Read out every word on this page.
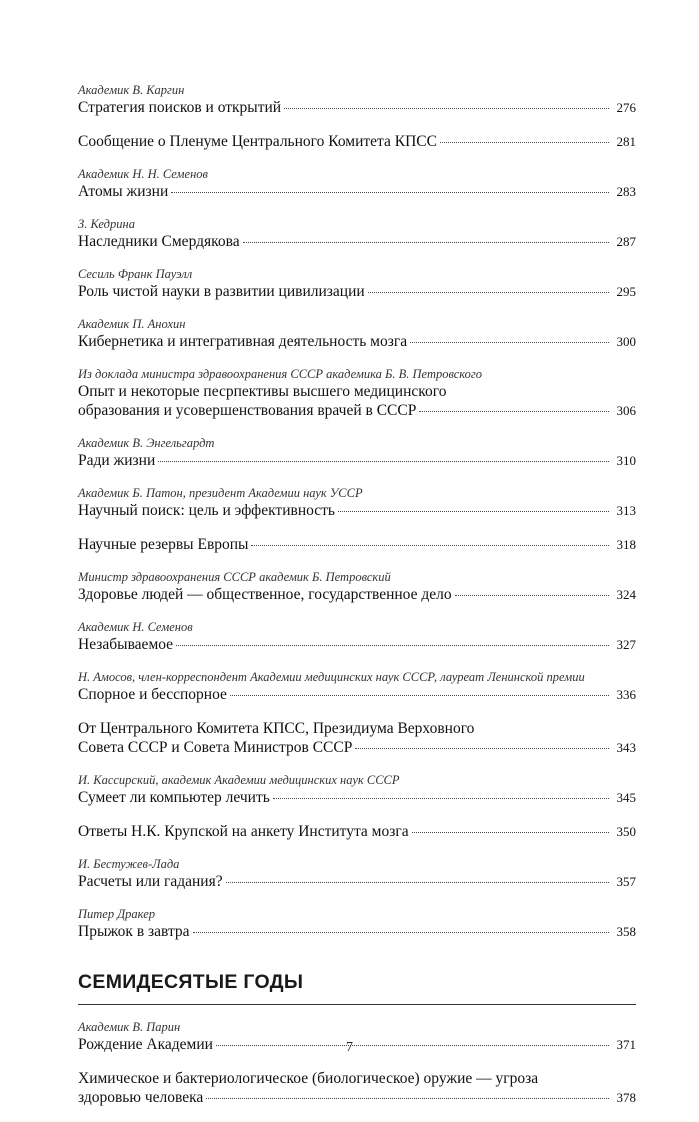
Академик В. Каргин
Стратегия поисков и открытий	276
Сообщение о Пленуме Центрального Комитета КПСС	281
Академик Н. Н. Семенов
Атомы жизни	283
З. Кедрина
Наследники Смердякова	287
Сесиль Франк Пауэлл
Роль чистой науки в развитии цивилизации	295
Академик П. Анохин
Кибернетика и интегративная деятельность мозга	300
Из доклада министра здравоохранения СССР академика Б. В. Петровского
Опыт и некоторые песрпективы высшего медицинского
образования и усовершенствования врачей в СССР	306
Академик В. Энгельгардт
Ради жизни	310
Академик Б. Патон, президент Академии наук УССР
Научный поиск: цель и эффективность	313
Научные резервы Европы	318
Министр здравоохранения СССР академик Б. Петровский
Здоровье людей — общественное, государственное дело	324
Академик Н. Семенов
Незабываемое	327
Н. Амосов, член-корреспондент Академии медицинских наук СССР, лауреат Ленинской премии
Спорное и бесспорное	336
От Центрального Комитета КПСС, Президиума Верховного
Совета СССР и Совета Министров СССР	343
И. Кассирский, академик Академии медицинских наук СССР
Сумеет ли компьютер лечить	345
Ответы Н.К. Крупской на анкету Института мозга	350
И. Бестужев-Лада
Расчеты или гадания?	357
Питер Дракер
Прыжок в завтра	358
СЕМИДЕСЯТЫЕ ГОДЫ
Академик В. Парин
Рождение Академии	371
Химическое и бактериологическое (биологическое) оружие — угроза
здоровью человека	378
7
